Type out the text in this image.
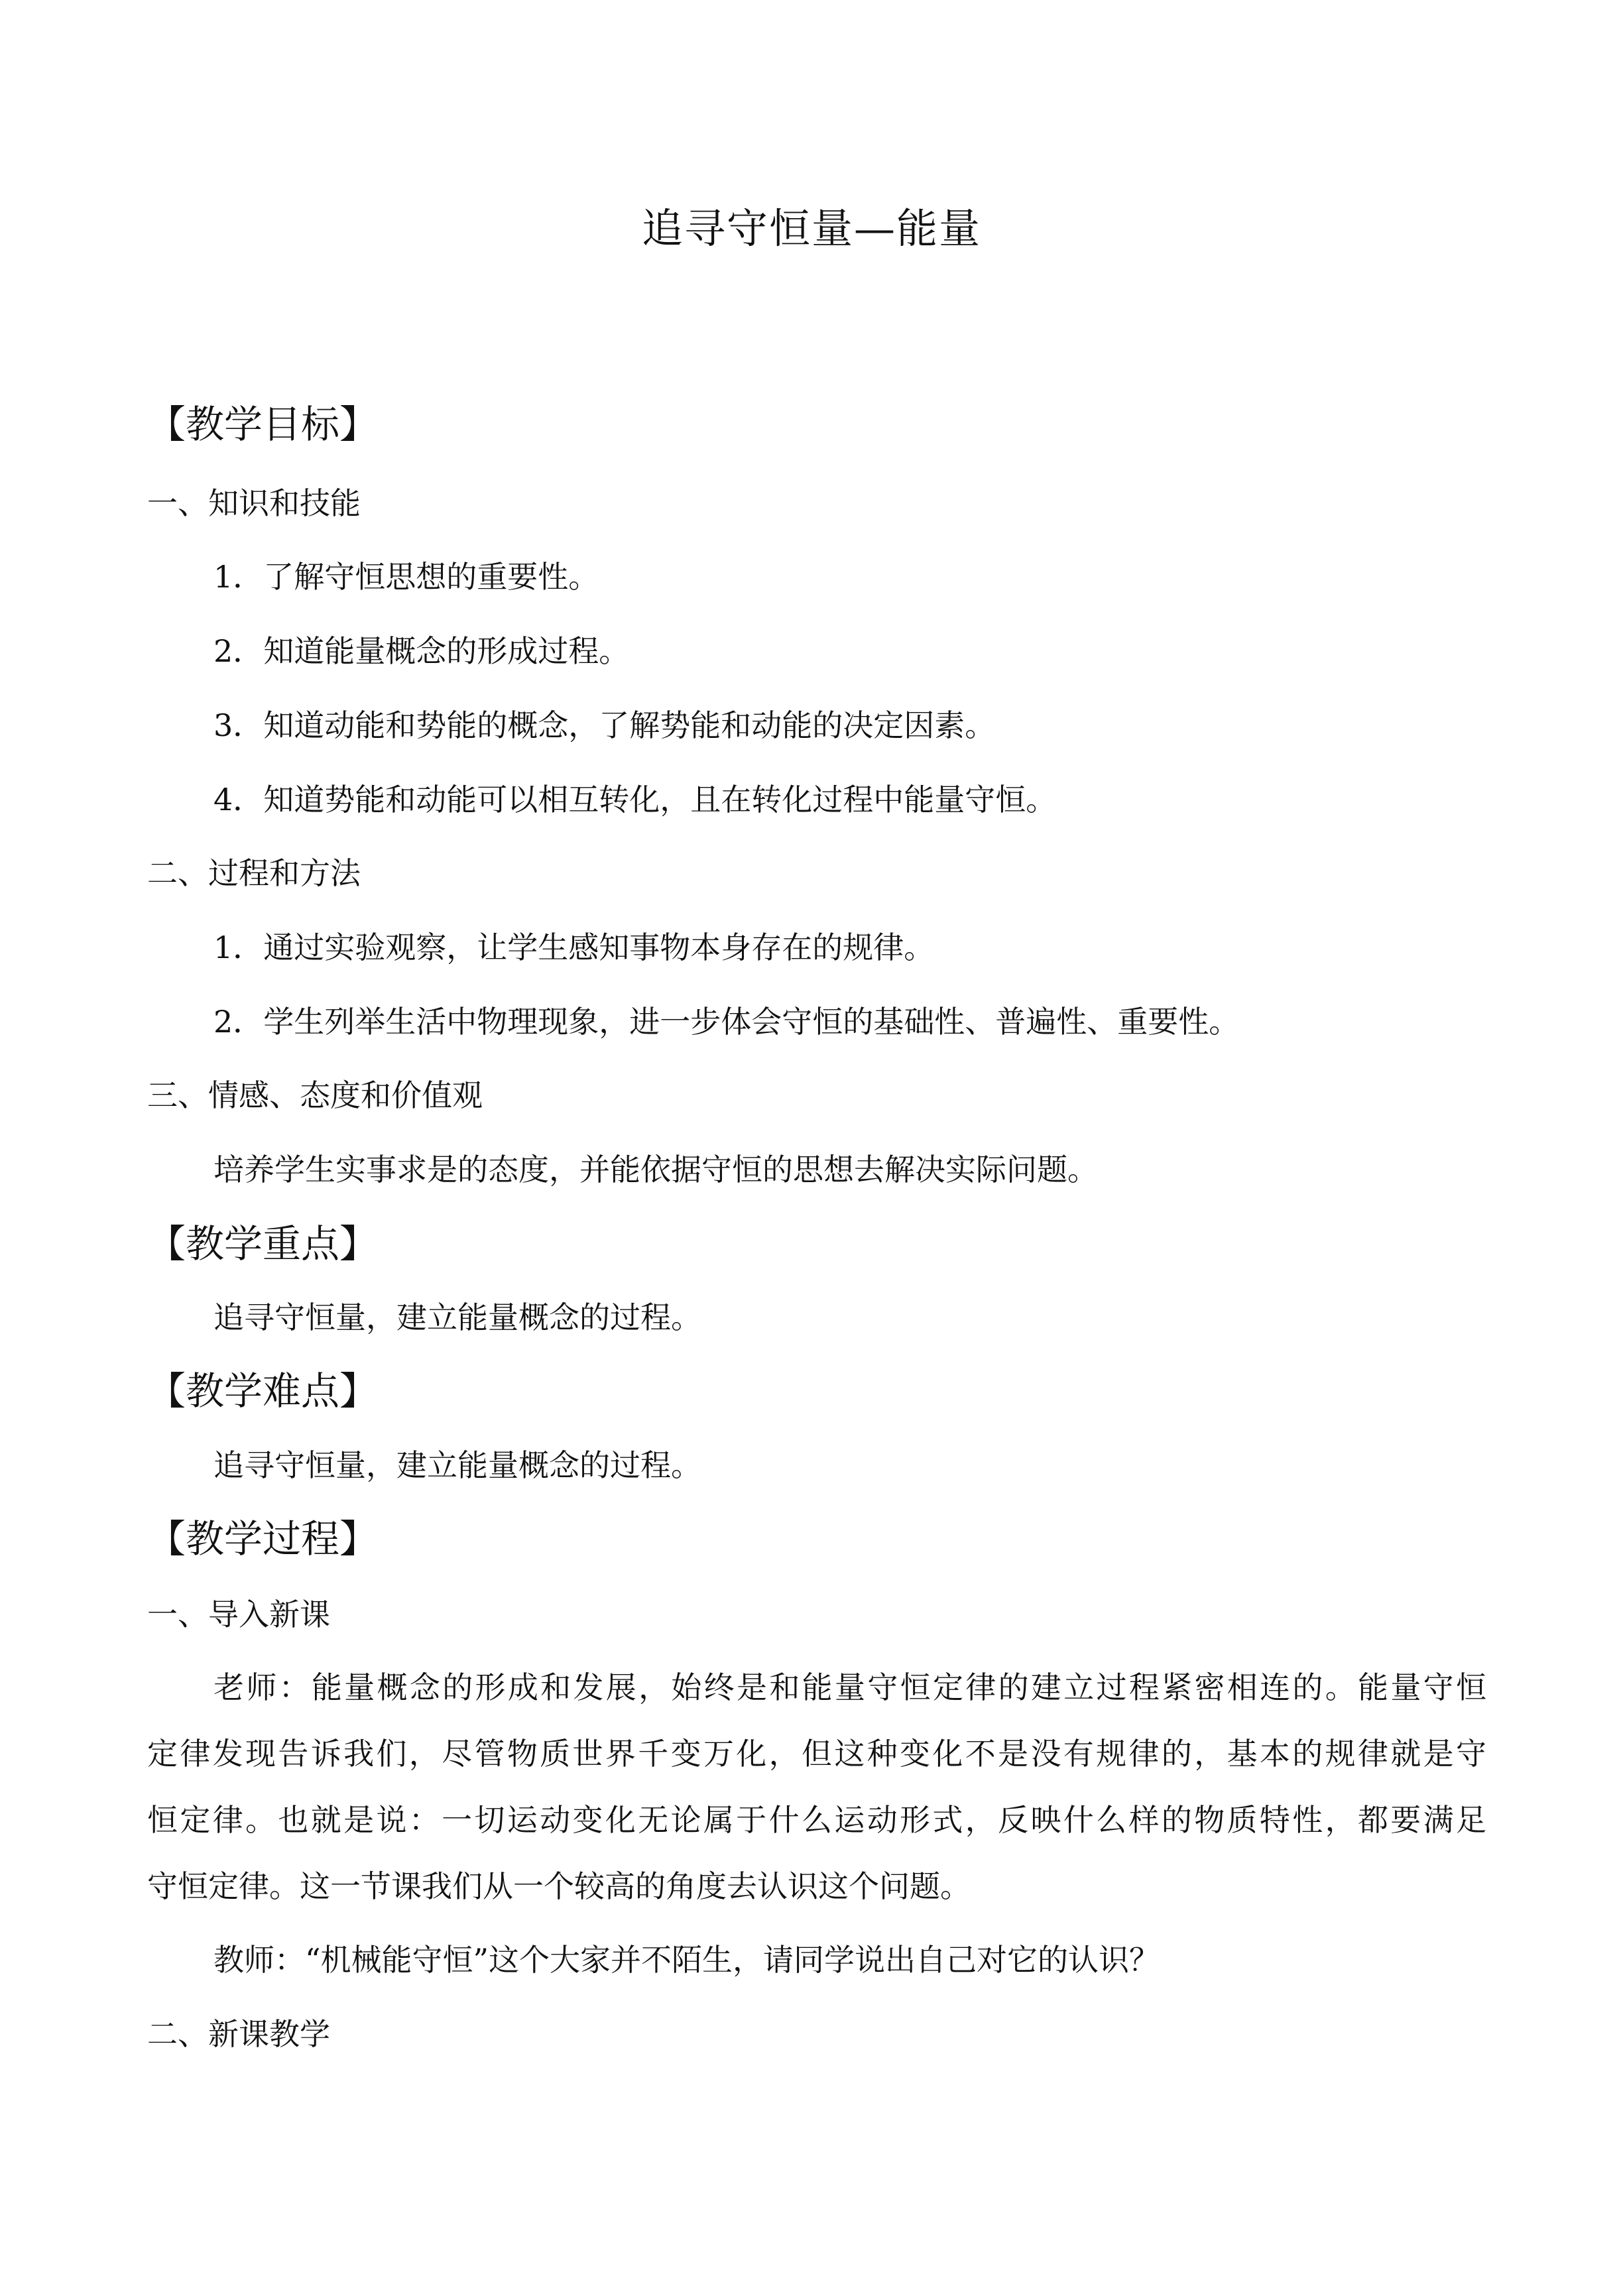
追寻守恒量—能量
【教学目标】
一、知识和技能
1．了解守恒思想的重要性。
2．知道能量概念的形成过程。
3．知道动能和势能的概念，了解势能和动能的决定因素。
4．知道势能和动能可以相互转化，且在转化过程中能量守恒。
二、过程和方法
1．通过实验观察，让学生感知事物本身存在的规律。
2．学生列举生活中物理现象，进一步体会守恒的基础性、普遍性、重要性。
三、情感、态度和价值观
培养学生实事求是的态度，并能依据守恒的思想去解决实际问题。
【教学重点】
追寻守恒量，建立能量概念的过程。
【教学难点】
追寻守恒量，建立能量概念的过程。
【教学过程】
一、导入新课
老师：能量概念的形成和发展，始终是和能量守恒定律的建立过程紧密相连的。能量守恒
定律发现告诉我们，尽管物质世界千变万化，但这种变化不是没有规律的，基本的规律就是守
恒定律。也就是说：一切运动变化无论属于什么运动形式，反映什么样的物质特性，都要满足
守恒定律。这一节课我们从一个较高的角度去认识这个问题。
教师：“机械能守恒”这个大家并不陌生，请同学说出自己对它的认识？
二、新课教学
